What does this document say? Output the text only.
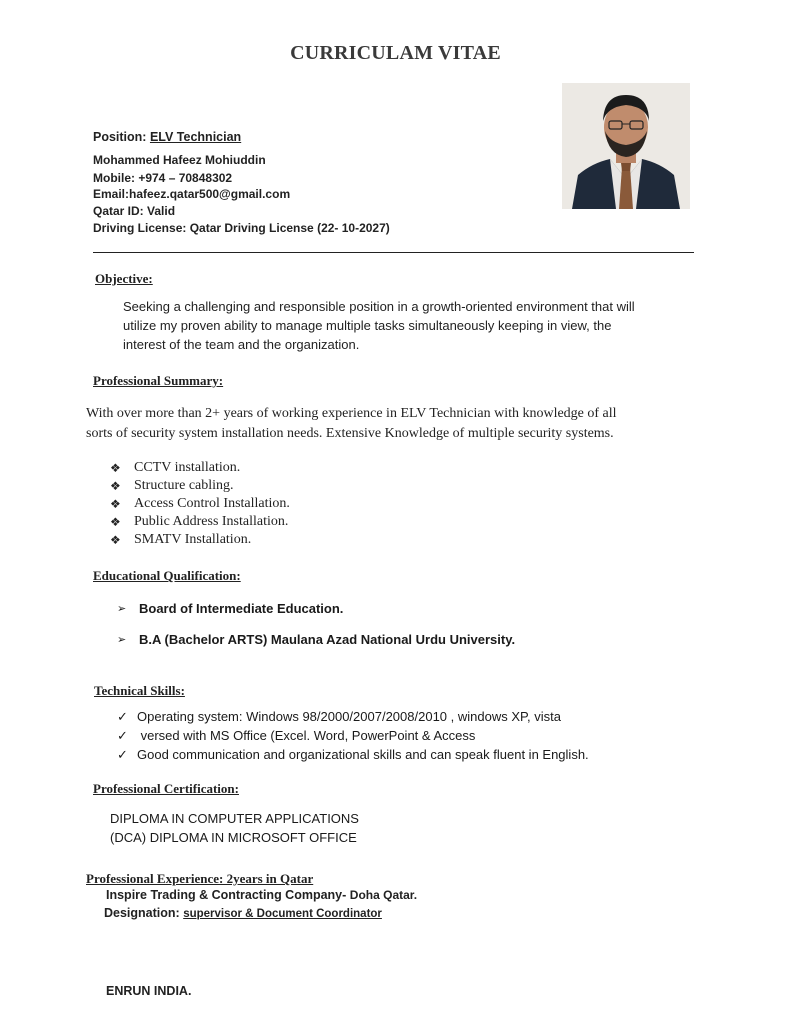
CURRICULAM VITAE
Position: ELV Technician
Mohammed Hafeez Mohiuddin
Mobile: +974 – 70848302
Email:hafeez.qatar500@gmail.com
Qatar ID: Valid
Driving License: Qatar Driving License (22- 10-2027)
Objective:
Seeking a challenging and responsible position in a growth-oriented environment that will
utilize my proven ability to manage multiple tasks simultaneously keeping in view, the
interest of the team and the organization.
Professional Summary:
With over more than 2+ years of working experience in ELV Technician with knowledge of all
sorts of security system installation needs. Extensive Knowledge of multiple security systems.
❖ CCTV installation.
❖ Structure cabling.
❖ Access Control Installation.
❖ Public Address Installation.
❖ SMATV Installation.
Educational Qualification:
➢ Board of Intermediate Education.
➢ B.A (Bachelor ARTS) Maulana Azad National Urdu University.
Technical Skills:
✓ Operating system: Windows 98/2000/2007/2008/2010 , windows XP, vista
✓ versed with MS Office (Excel. Word, PowerPoint & Access
✓ Good communication and organizational skills and can speak fluent in English.
Professional Certification:
DIPLOMA IN COMPUTER APPLICATIONS
(DCA) DIPLOMA IN MICROSOFT OFFICE
Professional Experience: 2years in Qatar
Inspire Trading & Contracting Company- Doha Qatar.
Designation: supervisor & Document Coordinator
ENRUN INDIA.
